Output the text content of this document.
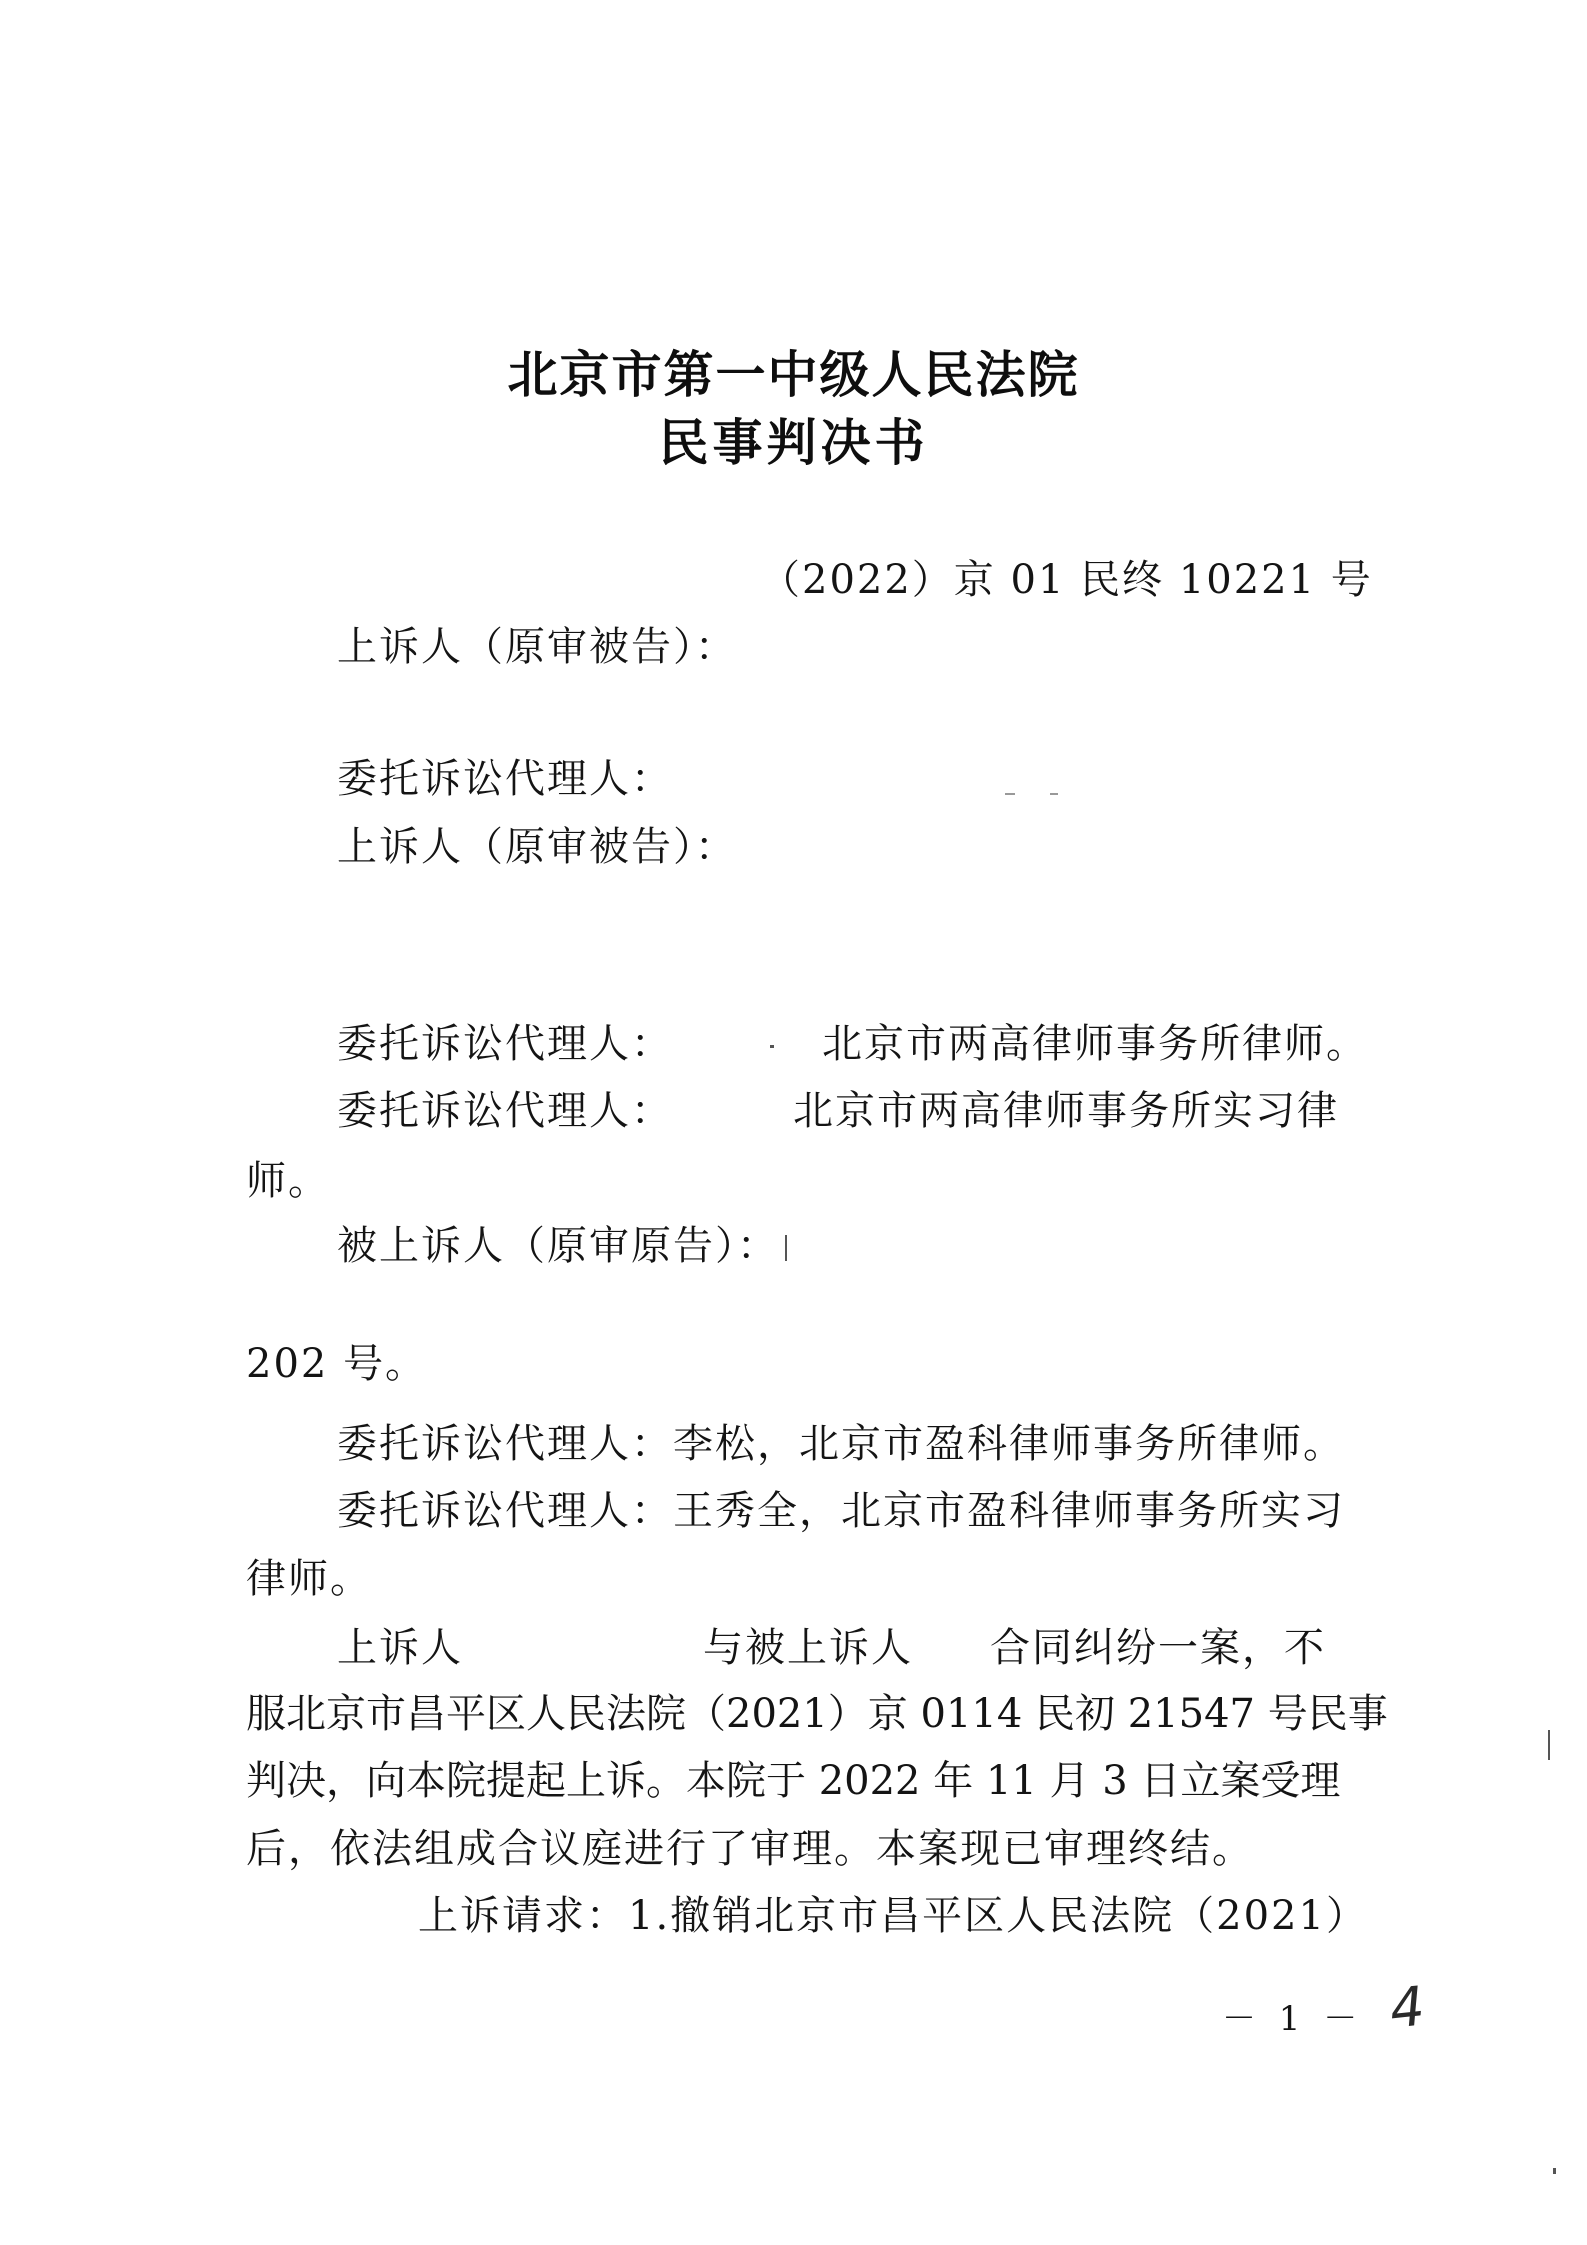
北京市第一中级人民法院
民事判决书
（2022）京 01 民终 10221 号
上诉人（原审被告）：
委托诉讼代理人：
上诉人（原审被告）：
委托诉讼代理人：	北京市两高律师事务所律师。
委托诉讼代理人：	北京市两高律师事务所实习律
师。
被上诉人（原审原告）：
202 号。
委托诉讼代理人：李松，北京市盈科律师事务所律师。
委托诉讼代理人：王秀全，北京市盈科律师事务所实习
律师。
上诉人	与被上诉人 合同纠纷一案，不
服北京市昌平区人民法院（2021）京 0114 民初 21547 号民事
判决，向本院提起上诉。本院于 2022 年 11 月 3 日立案受理
后，依法组成合议庭进行了审理。本案现已审理终结。
上诉请求：1.撤销北京市昌平区人民法院（2021）
－ 1 － 4
